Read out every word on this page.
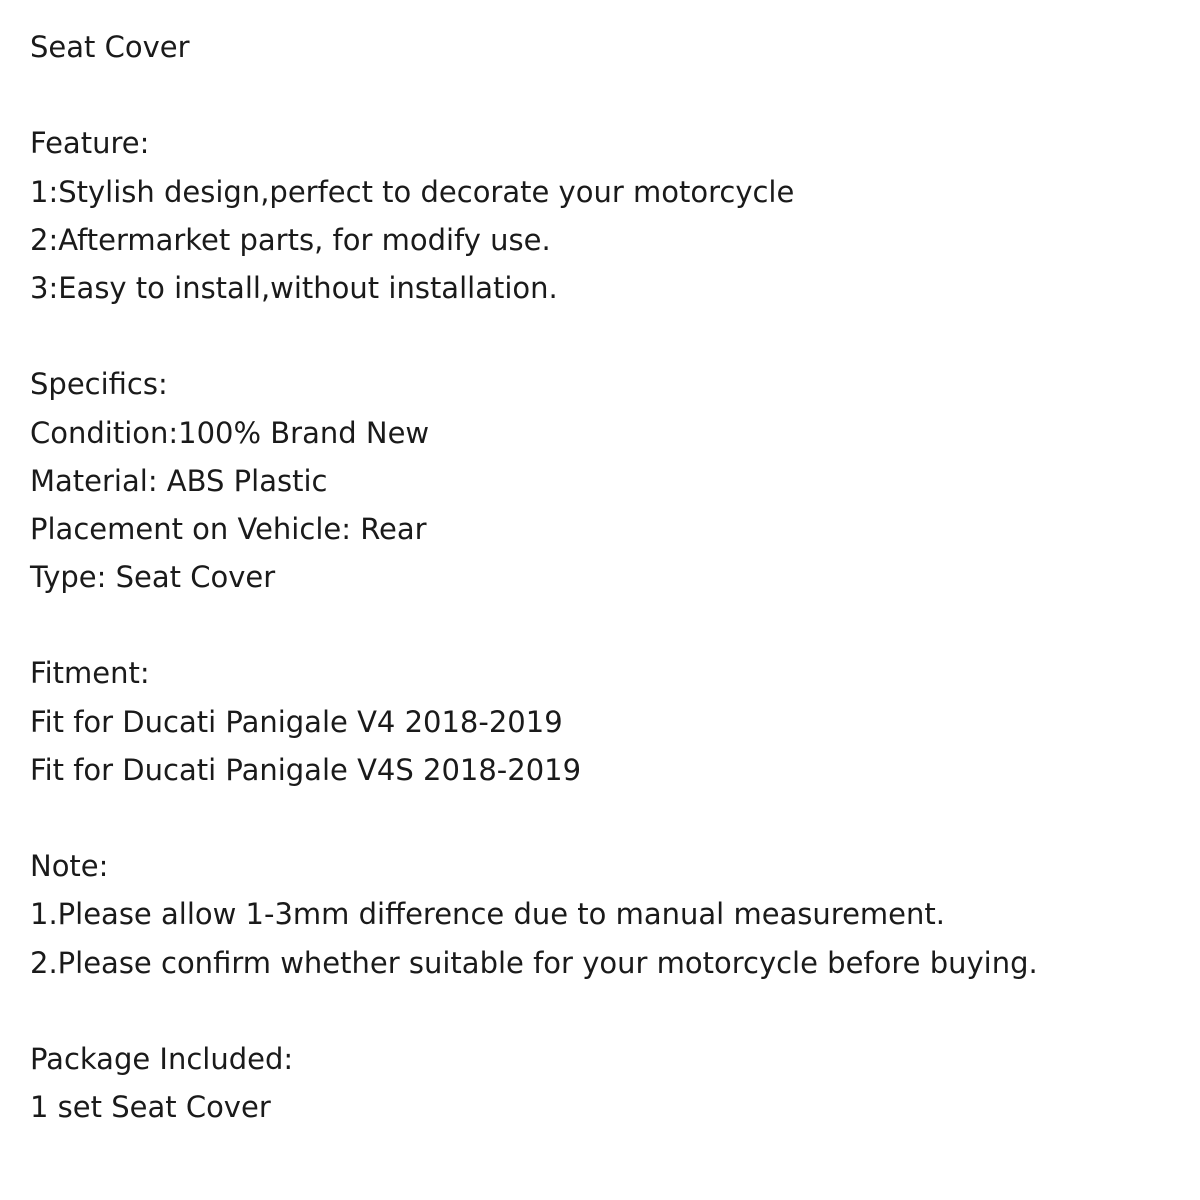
Seat Cover
Feature:
1:Stylish design,perfect to decorate your motorcycle
2:Aftermarket parts, for modify use.
3:Easy to install,without installation.
Specifics:
Condition:100% Brand New
Material: ABS Plastic
Placement on Vehicle: Rear
Type: Seat Cover
Fitment:
Fit for Ducati Panigale V4 2018-2019
Fit for Ducati Panigale V4S 2018-2019
Note:
1.Please allow 1-3mm difference due to manual measurement.
2.Please confirm whether suitable for your motorcycle before buying.
Package Included:
1 set Seat Cover
